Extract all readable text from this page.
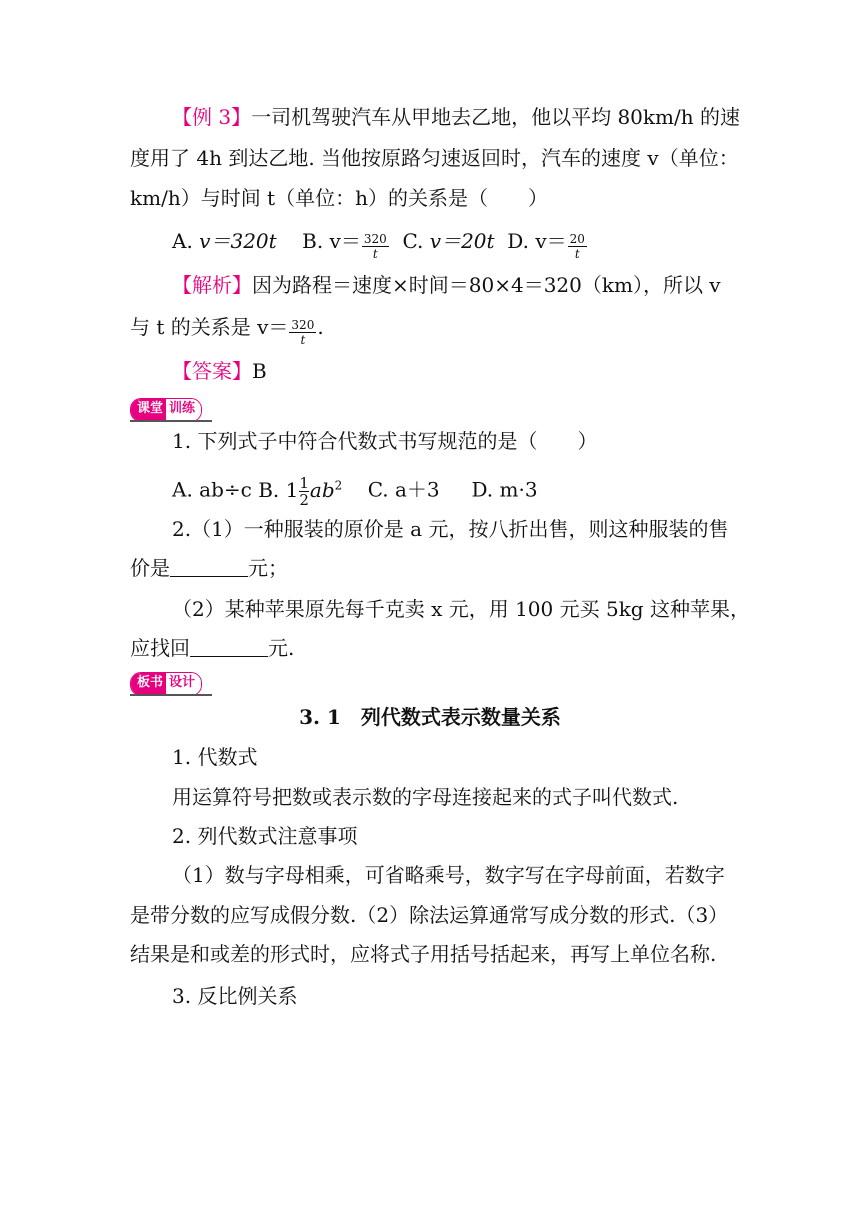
【例 3】一司机驾驶汽车从甲地去乙地，他以平均 80km/h 的速
度用了 4h 到达乙地. 当他按原路匀速返回时，汽车的速度 v（单位：
km/h）与时间 t（单位：h）的关系是（　　）
A. v＝320t B. $v= \frac{320}{t} C$. v＝20t D. $v= \frac{20}{t}$
【解析】因为路程＝速度×时间＝80×4＝320（km），所以 v
与 t 的关系是 $v= \frac{320}{t}$ .
【答案】B
课堂 训练
1. 下列式子中符合代数式书写规范的是（　　）
A. ab÷c B. $1 \frac{1}{2} ab^2$ C. a＋3 D. m·3
2.（1）一种服装的原价是 a 元，按八折出售，则这种服装的售
价是	元；
（2）某种苹果原先每千克卖 x 元，用 100 元买 5kg 这种苹果，
应找回	元.
板书 设计
3. 1　列代数式表示数量关系
1. 代数式
用运算符号把数或表示数的字母连接起来的式子叫代数式.
2. 列代数式注意事项
（1）数与字母相乘，可省略乘号，数字写在字母前面，若数字
是带分数的应写成假分数.（2）除法运算通常写成分数的形式.（3）
结果是和或差的形式时，应将式子用括号括起来，再写上单位名称.
3. 反比例关系
